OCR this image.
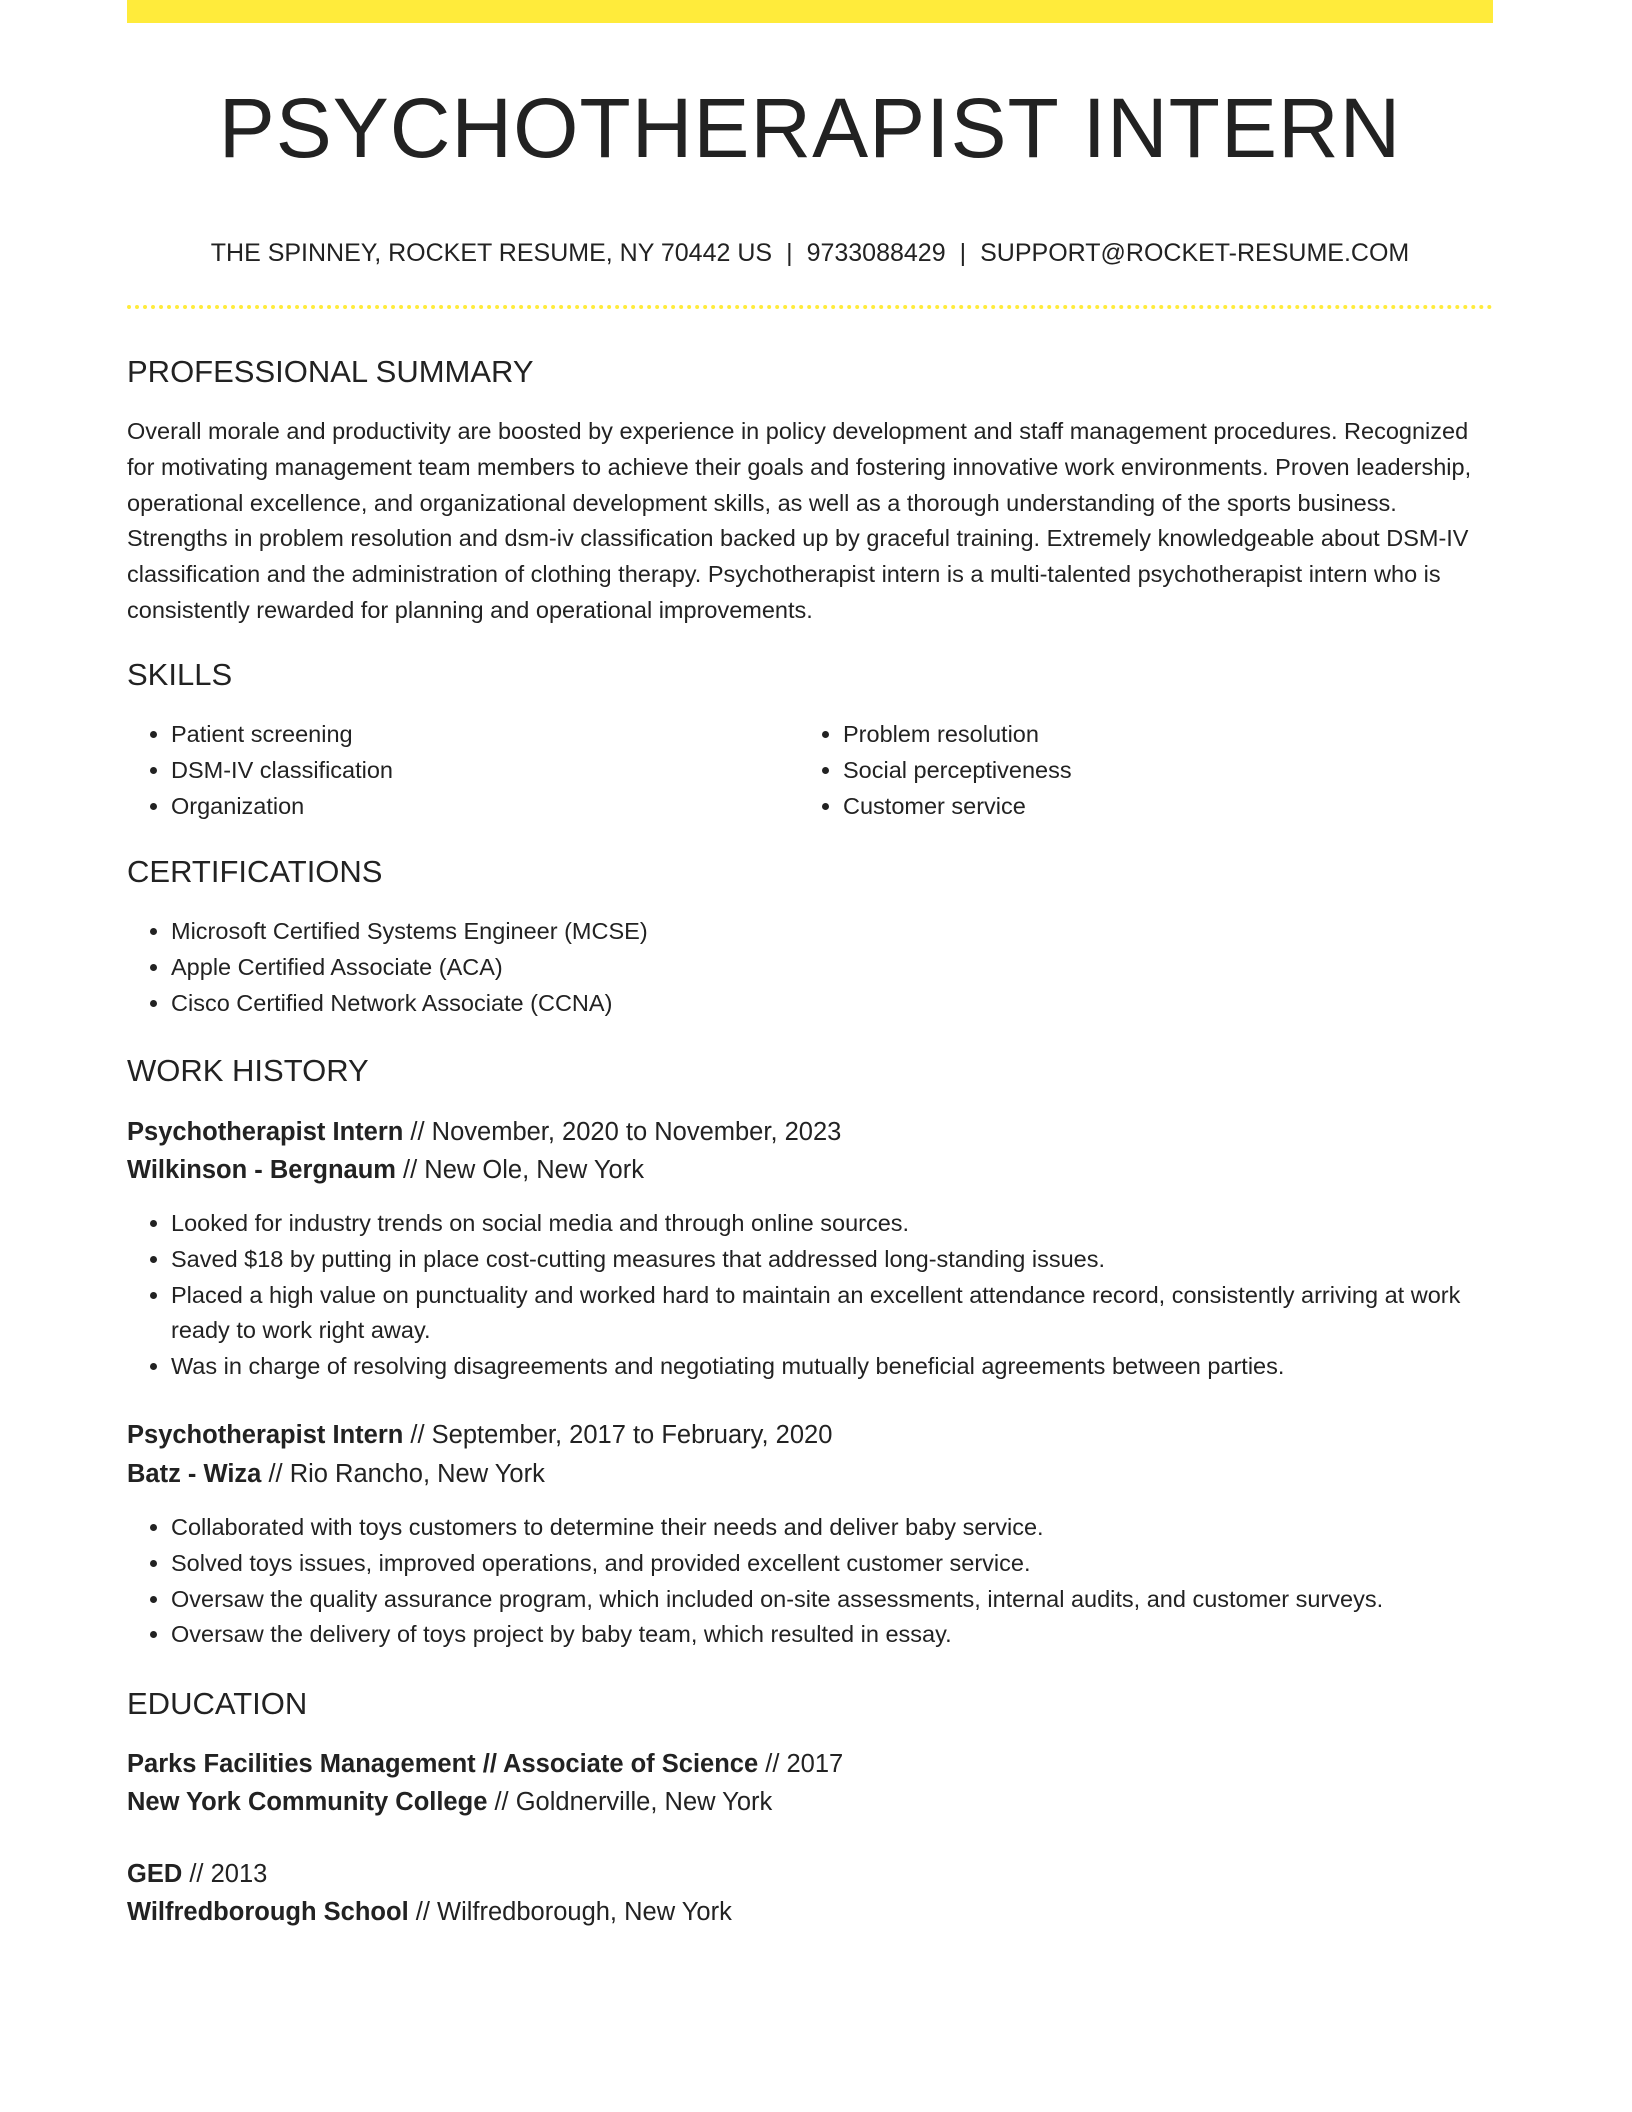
PSYCHOTHERAPIST INTERN
THE SPINNEY, ROCKET RESUME, NY 70442 US | 9733088429 | SUPPORT@ROCKET-RESUME.COM
PROFESSIONAL SUMMARY

Overall morale and productivity are boosted by experience in policy development and staff management procedures. Recognized for motivating management team members to achieve their goals and fostering innovative work environments. Proven leadership, operational excellence, and organizational development skills, as well as a thorough understanding of the sports business. Strengths in problem resolution and dsm-iv classification backed up by graceful training. Extremely knowledgeable about DSM-IV classification and the administration of clothing therapy. Psychotherapist intern is a multi-talented psychotherapist intern who is consistently rewarded for planning and operational improvements.

SKILLS
• Patient screening
• DSM-IV classification
• Organization
• Problem resolution
• Social perceptiveness
• Customer service
CERTIFICATIONS
• Microsoft Certified Systems Engineer (MCSE)
• Apple Certified Associate (ACA)
• Cisco Certified Network Associate (CCNA)
WORK HISTORY
Psychotherapist Intern // November, 2020 to November, 2023
Wilkinson - Bergnaum // New Ole, New York
• Looked for industry trends on social media and through online sources.
• Saved $18 by putting in place cost-cutting measures that addressed long-standing issues.
• Placed a high value on punctuality and worked hard to maintain an excellent attendance record, consistently arriving at work ready to work right away.
• Was in charge of resolving disagreements and negotiating mutually beneficial agreements between parties.
Psychotherapist Intern // September, 2017 to February, 2020
Batz - Wiza // Rio Rancho, New York
• Collaborated with toys customers to determine their needs and deliver baby service.
• Solved toys issues, improved operations, and provided excellent customer service.
• Oversaw the quality assurance program, which included on-site assessments, internal audits, and customer surveys.
• Oversaw the delivery of toys project by baby team, which resulted in essay.
EDUCATION
Parks Facilities Management // Associate of Science // 2017
New York Community College // Goldnerville, New York
GED // 2013
Wilfredborough School // Wilfredborough, New York
